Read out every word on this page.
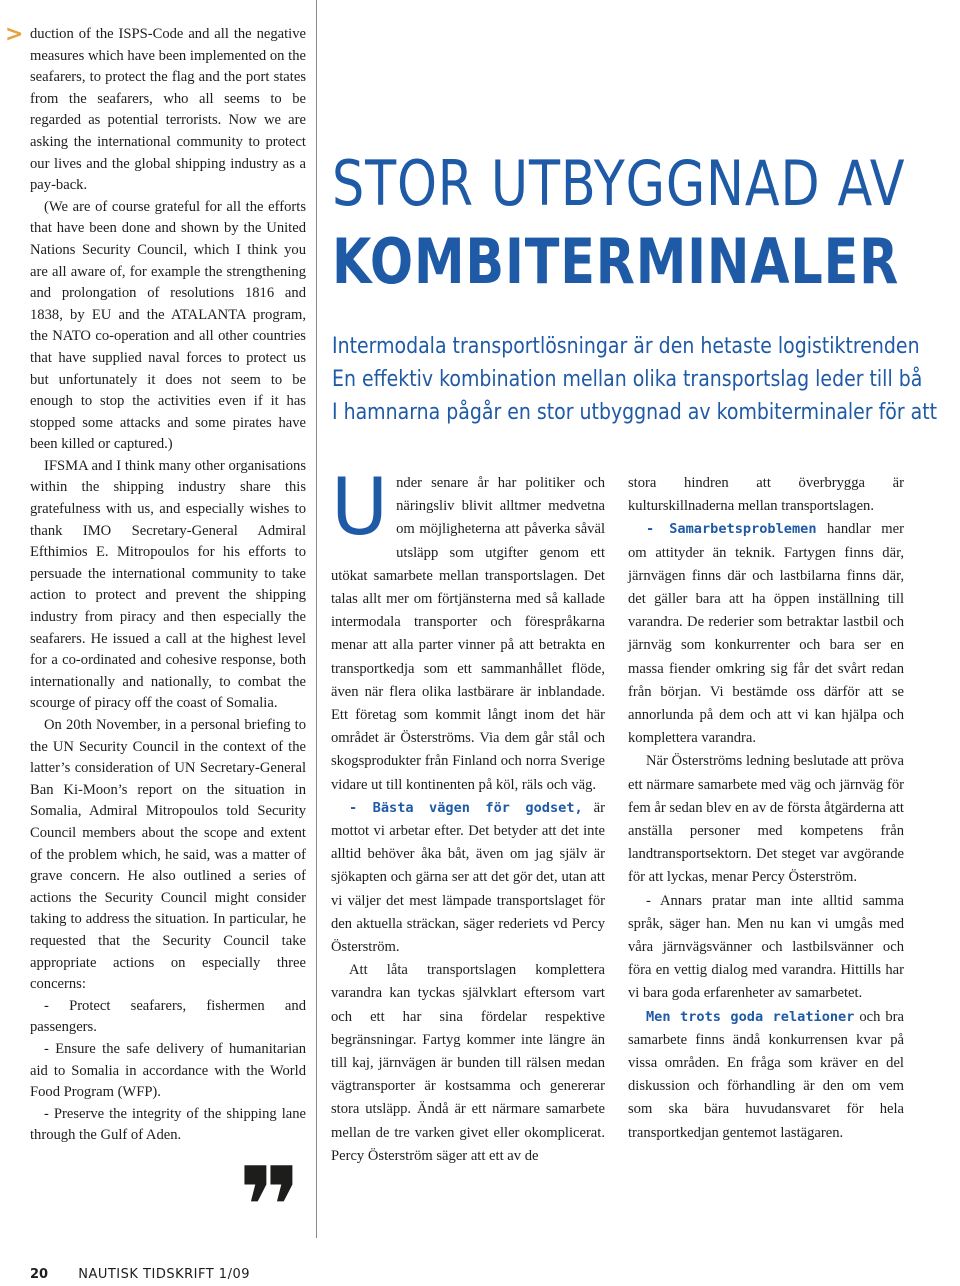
> duction of the ISPS-Code and all the negative measures which have been implemented on the seafarers, to protect the flag and the port states from the seafarers, who all seems to be regarded as potential terrorists. Now we are asking the international community to protect our lives and the global shipping industry as a pay-back.

(We are of course grateful for all the efforts that have been done and shown by the United Nations Security Council, which I think you are all aware of, for example the strengthening and prolongation of resolutions 1816 and 1838, by EU and the ATALANTA program, the NATO co-operation and all other countries that have supplied naval forces to protect us but unfortunately it does not seem to be enough to stop the activities even if it has stopped some attacks and some pirates have been killed or captured.)

IFSMA and I think many other organisations within the shipping industry share this gratefulness with us, and especially wishes to thank IMO Secretary-General Admiral Efthimios E. Mitropoulos for his efforts to persuade the international community to take action to protect and prevent the shipping industry from piracy and then especially the seafarers. He issued a call at the highest level for a co-ordinated and cohesive response, both internationally and nationally, to combat the scourge of piracy off the coast of Somalia.

On 20th November, in a personal briefing to the UN Security Council in the context of the latter’s consideration of UN Secretary-General Ban Ki-Moon’s report on the situation in Somalia, Admiral Mitropoulos told Security Council members about the scope and extent of the problem which, he said, was a matter of grave concern. He also outlined a series of actions the Security Council might consider taking to address the situation. In particular, he requested that the Security Council take appropriate actions on especially three concerns:

- Protect seafarers, fishermen and passengers.

- Ensure the safe delivery of humanitarian aid to Somalia in accordance with the World Food Program (WFP).

- Preserve the integrity of the shipping lane through the Gulf of Aden.

❞
STOR UTBYGGNAD AV
KOMBITERMINALER
Intermodala transportlösningar är den hetaste logistiktrenden
En effektiv kombination mellan olika transportslag leder till bå
I hamnarna pågår en stor utbyggnad av kombiterminaler för att

Under senare år har politiker och näringsliv blivit alltmer medvetna om möjligheterna att påverka såväl utsläpp som utgifter genom ett utökat samarbete mellan transportslagen. Det talas allt mer om förtjänsterna med så kallade intermodala transporter och förespråkarna menar att alla parter vinner på att betrakta en transportkedja som ett sammanhållet flöde, även när flera olika lastbärare är inblandade. Ett företag som kommit långt inom det här området är Österströms. Via dem går stål och skogsprodukter från Finland och norra Sverige vidare ut till kontinenten på köl, räls och väg.

- Bästa vägen för godset, är mottot vi arbetar efter. Det betyder att det inte alltid behöver åka båt, även om jag själv är sjökapten och gärna ser att det gör det, utan att vi väljer det mest lämpade transportslaget för den aktuella sträckan, säger rederiets vd Percy Österström.

Att låta transportslagen komplettera varandra kan tyckas självklart eftersom vart och ett har sina fördelar respektive begränsningar. Fartyg kommer inte längre än till kaj, järnvägen är bunden till rälsen medan vägtransporter är kostsamma och genererar stora utsläpp. Ändå är ett närmare samarbete mellan de tre varken givet eller okomplicerat. Percy Österström säger att ett av de

stora hindren att överbrygga är kulturskillnaderna mellan transportslagen.

- Samarbetsproblemen handlar mer om attityder än teknik. Fartygen finns där, järnvägen finns där och lastbilarna finns där, det gäller bara att ha öppen inställning till varandra. De rederier som betraktar lastbil och järnväg som konkurrenter och bara ser en massa fiender omkring sig får det svårt redan från början. Vi bestämde oss därför att se annorlunda på dem och att vi kan hjälpa och komplettera varandra.

När Österströms ledning beslutade att pröva ett närmare samarbete med väg och järnväg för fem år sedan blev en av de första åtgärderna att anställa personer med kompetens från landtransportsektorn. Det steget var avgörande för att lyckas, menar Percy Österström.

- Annars pratar man inte alltid samma språk, säger han. Men nu kan vi umgås med våra järnvägsvänner och lastbilsvänner och föra en vettig dialog med varandra. Hittills har vi bara goda erfarenheter av samarbetet.

Men trots goda relationer och bra samarbete finns ändå konkurrensen kvar på vissa områden. En fråga som kräver en del diskussion och förhandling är den om vem som ska bära huvudansvaret för hela transportkedjan gentemot lastägaren.

20 NAUTISK TIDSKRIFT 1/09
